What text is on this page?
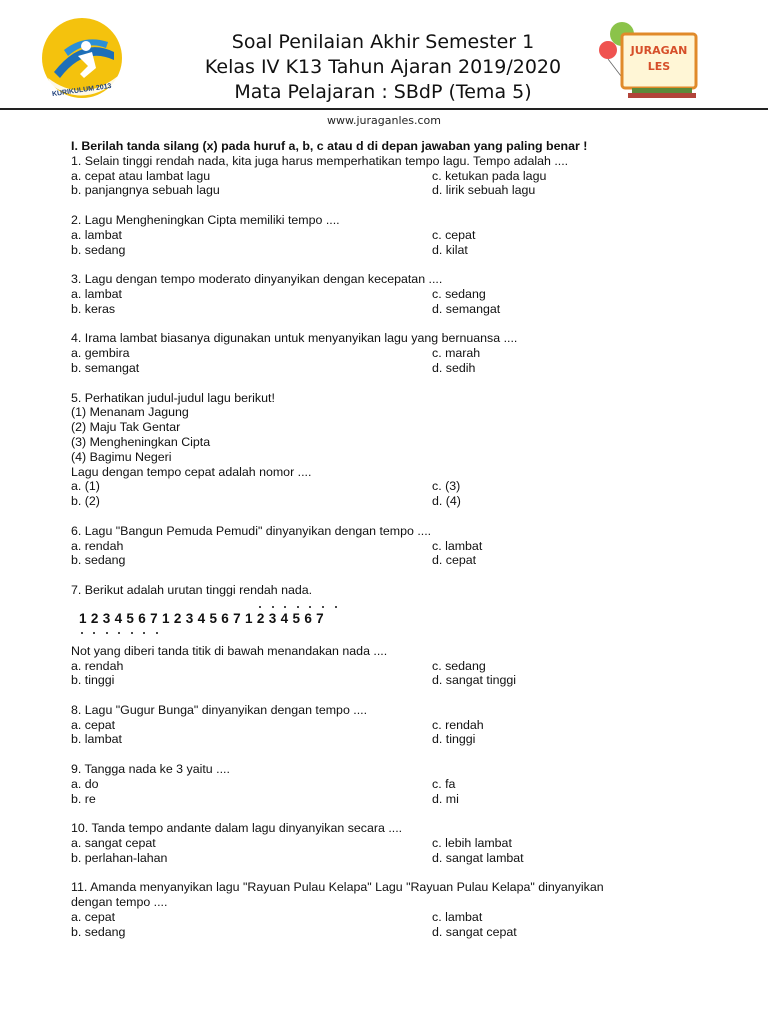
KURIKULUM 2013
Soal Penilaian Akhir Semester 1
Kelas IV K13 Tahun Ajaran 2019/2020
Mata Pelajaran : SBdP (Tema 5)
JURAGAN
LES
www.juraganles.com
I. Berilah tanda silang (x) pada huruf a, b, c atau d di depan jawaban yang paling benar !
1. Selain tinggi rendah nada, kita juga harus memperhatikan tempo lagu. Tempo adalah ....
a. cepat atau lambat lagu	c. ketukan pada lagu
b. panjangnya sebuah lagu	d. lirik sebuah lagu
2. Lagu Mengheningkan Cipta memiliki tempo ....
a. lambat	c. cepat
b. sedang	d. kilat
3. Lagu dengan tempo moderato dinyanyikan dengan kecepatan ....
a. lambat	c. sedang
b. keras	d. semangat
4. Irama lambat biasanya digunakan untuk menyanyikan lagu yang bernuansa ....
a. gembira	c. marah
b. semangat	d. sedih
5. Perhatikan judul-judul lagu berikut!
(1) Menanam Jagung
(2) Maju Tak Gentar
(3) Mengheningkan Cipta
(4) Bagimu Negeri
Lagu dengan tempo cepat adalah nomor ....
a. (1)	c. (3)
b. (2)	d. (4)
6. Lagu "Bangun Pemuda Pemudi" dinyanyikan dengan tempo ....
a. rendah	c. lambat
b. sedang	d. cepat
7. Berikut adalah urutan tinggi rendah nada.
1 2 3 4 5 6 7 1 2 3 4 5 6 7 1 2 3 4 5 6 7
Not yang diberi tanda titik di bawah menandakan nada ....
a. rendah	c. sedang
b. tinggi	d. sangat tinggi
8. Lagu "Gugur Bunga" dinyanyikan dengan tempo ....
a. cepat	c. rendah
b. lambat	d. tinggi
9. Tangga nada ke 3 yaitu ....
a. do	c. fa
b. re	d. mi
10. Tanda tempo andante dalam lagu dinyanyikan secara ....
a. sangat cepat	c. lebih lambat
b. perlahan-lahan	d. sangat lambat
11. Amanda menyanyikan lagu "Rayuan Pulau Kelapa" Lagu "Rayuan Pulau Kelapa" dinyanyikan
dengan tempo ....
a. cepat	c. lambat
b. sedang	d. sangat cepat
